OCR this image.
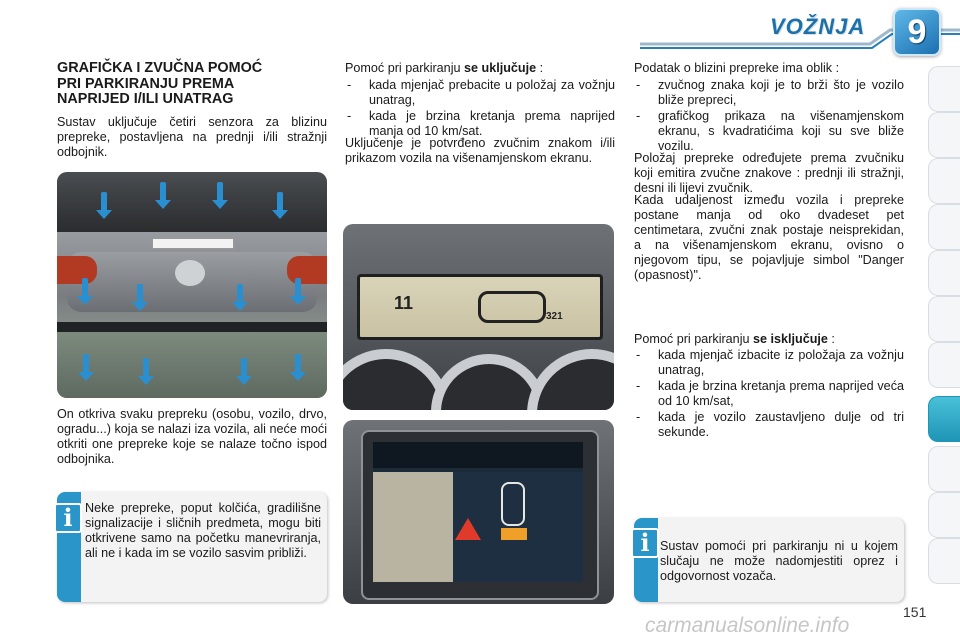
VOŽNJA	9
GRAFIČKA I ZVUČNA POMOĆ
PRI PARKIRANJU PREMA
NAPRIJED I/ILI UNATRAG

Sustav uključuje četiri senzora za blizinu prepreke, postavljena na prednji i/ili stražnji odbojnik.

On otkriva svaku prepreku (osobu, vozilo, drvo, ogradu...) koja se nalazi iza vozila, ali neće moći otkriti one prepreke koje se nalaze točno ispod odbojnika.

i Neke prepreke, poput kolčića, gradilišne signalizacije i sličnih predmeta, mogu biti otkrivene samo na početku manevriranja, ali ne i kada im se vozilo sasvim približi.

Pomoć pri parkiranju se uključuje :

- kada mjenjač prebacite u položaj za vožnju unatrag,
- kada je brzina kretanja prema naprijed manja od 10 km/sat.

Uključenje je potvrđeno zvučnim znakom i/ili prikazom vozila na višenamjenskom ekranu.

11
321

Podatak o blizini prepreke ima oblik :

- zvučnog znaka koji je to brži što je vozilo bliže prepreci,
- grafičkog prikaza na višenamjenskom ekranu, s kvadratićima koji su sve bliže vozilu.

Položaj prepreke određujete prema zvučniku koji emitira zvučne znakove : prednji ili stražnji, desni ili lijevi zvučnik.

Kada udaljenost između vozila i prepreke postane manja od oko dvadeset pet centimetara, zvučni znak postaje neisprekidan, a na višenamjenskom ekranu, ovisno o njegovom tipu, se pojavljuje simbol "Danger (opasnost)".

Pomoć pri parkiranju se isključuje :

- kada mjenjač izbacite iz položaja za vožnju unatrag,
- kada je brzina kretanja prema naprijed veća od 10 km/sat,
- kada je vozilo zaustavljeno dulje od tri sekunde.
i Sustav pomoći pri parkiranju ni u kojem slučaju ne može nadomjestiti oprez i odgovornost vozača.

carmanualsonline.info
151
